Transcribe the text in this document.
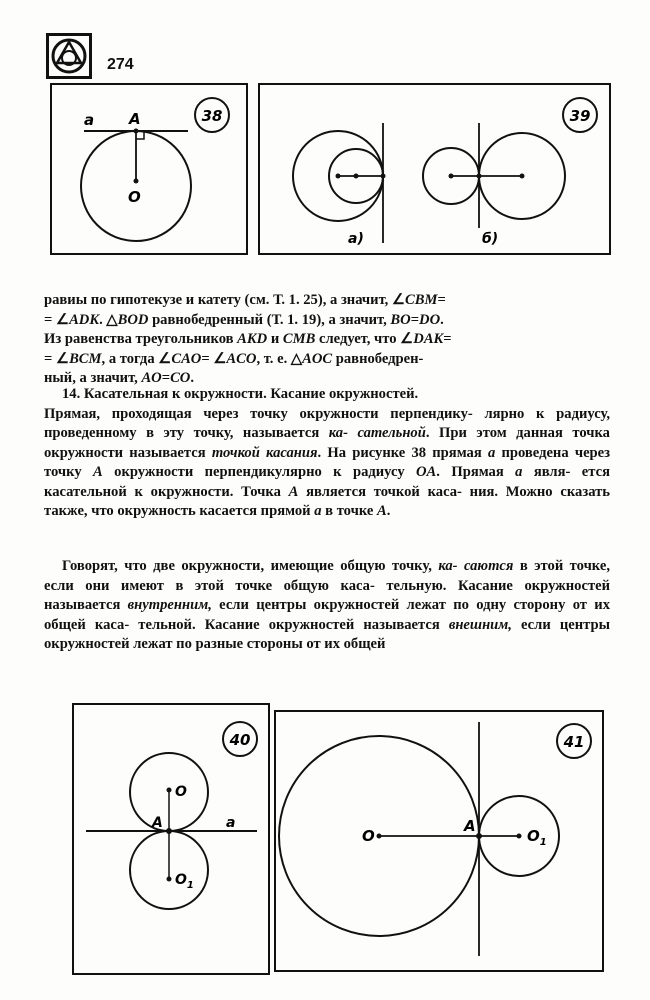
274
a A
O
38
а)	б)
39
равиы по гипотекузе и катету (см. Т. 1. 25), а значит, ∠CBM=
= ∠ADK. △BOD равнобедренный (Т. 1. 19), а значит, BO=DO.
Из равенства треугольников AKD и CMB следует, что ∠DAK=
= ∠BCM, а тогда ∠CAO= ∠ACO, т. е. △AOC равнобедрен-
ный, а значит, AO=CO.
14. Касательная к окружности. Касание окружностей.
Прямая, проходящая через точку окружности перпендику- лярно к радиусу, проведенному в эту точку, называется ка- сательной. При этом данная точка окружности называется точкой касания. На рисунке 38 прямая a проведена через точку A окружности перпендикулярно к радиусу OA. Прямая a явля- ется касательной к окружности. Точка A является точкой каса- ния. Можно сказать также, что окружность касается прямой a в точке A.
Говорят, что две окружности, имеющие общую точку, ка- саются в этой точке, если они имеют в этой точке общую каса- тельную. Касание окружностей называется внутренним, если центры окружностей лежат по одну сторону от их общей каса- тельной. Касание окружностей называется внешним, если центры окружностей лежат по разные стороны от их общей
O
A	a
$O_1$
40
O
A
$O_1$
41
